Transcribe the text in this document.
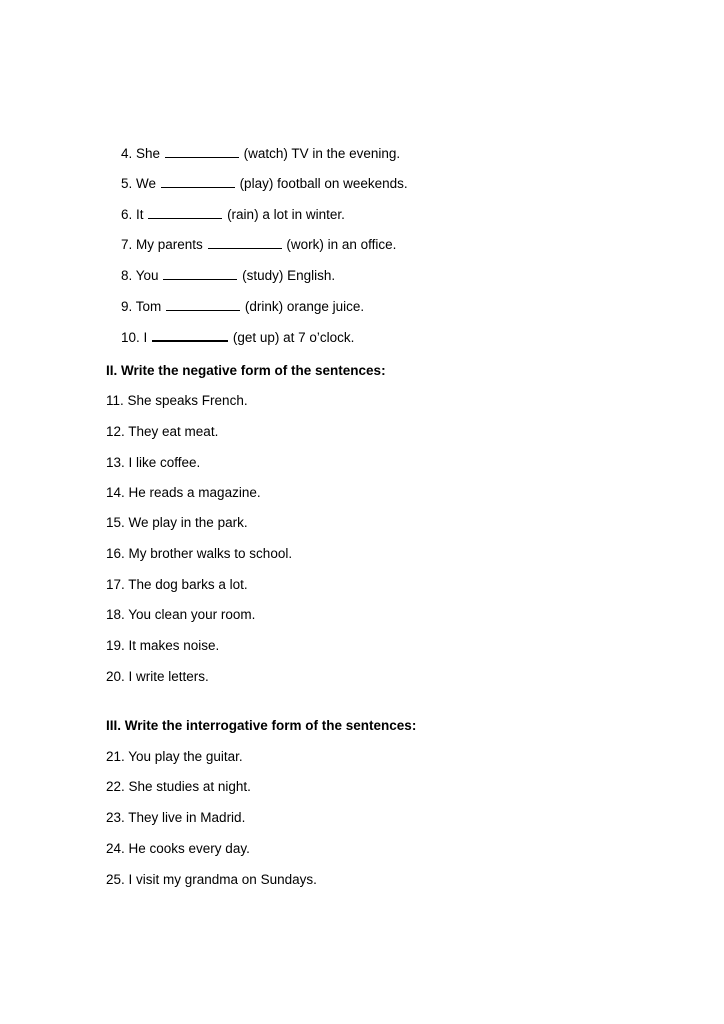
4. She	(watch) TV in the evening.

5. We	(play) football on weekends.

6. It	(rain) a lot in winter.

7. My parents	(work) in an office.

8. You	(study) English.

9. Tom	(drink) orange juice.

10. I	(get up) at 7 o’clock.

II. Write the negative form of the sentences:
11. She speaks French.
12. They eat meat.
13. I like coffee.
14. He reads a magazine.
15. We play in the park.
16. My brother walks to school.
17. The dog barks a lot.
18. You clean your room.
19. It makes noise.
20. I write letters.
III. Write the interrogative form of the sentences:
21. You play the guitar.
22. She studies at night.
23. They live in Madrid.
24. He cooks every day.
25. I visit my grandma on Sundays.
